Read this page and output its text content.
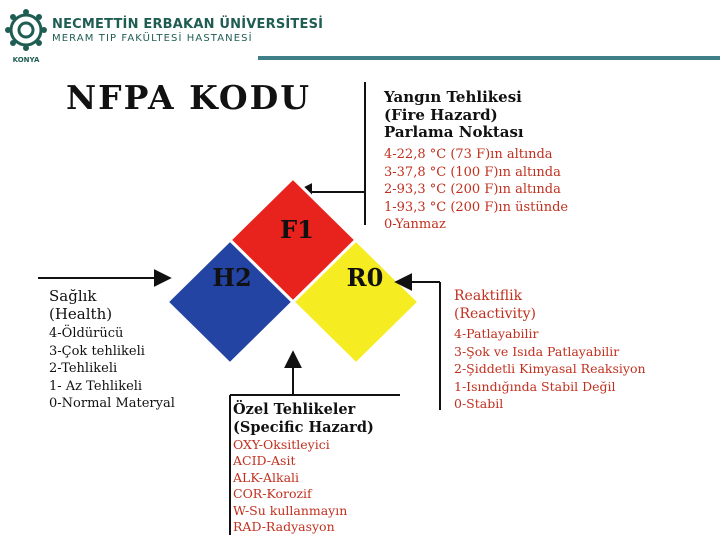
KONYA
NECMETTİN ERBAKAN ÜNİVERSİTESİ
MERAM TIP FAKÜLTESİ HASTANESİ
NFPA KODU
F1
H2	R0
Yangın Tehlikesi
(Fire Hazard)
Parlama Noktası
4-22,8 °C (73 F)ın altında
3-37,8 °C (100 F)ın altında
2-93,3 °C (200 F)ın altında
1-93,3 °C (200 F)ın üstünde
0-Yanmaz
Sağlık
(Health)
4-Öldürücü
3-Çok tehlikeli
2-Tehlikeli
1- Az Tehlikeli
0-Normal Materyal
Reaktiflik
(Reactivity)
4-Patlayabilir
3-Şok ve Isıda Patlayabilir
2-Şiddetli Kimyasal Reaksiyon
1-Isındığında Stabil Değil
0-Stabil
Özel Tehlikeler
(Specific Hazard)
OXY-Oksitleyici
ACID-Asit
ALK-Alkali
COR-Korozif
W-Su kullanmayın
RAD-Radyasyon
